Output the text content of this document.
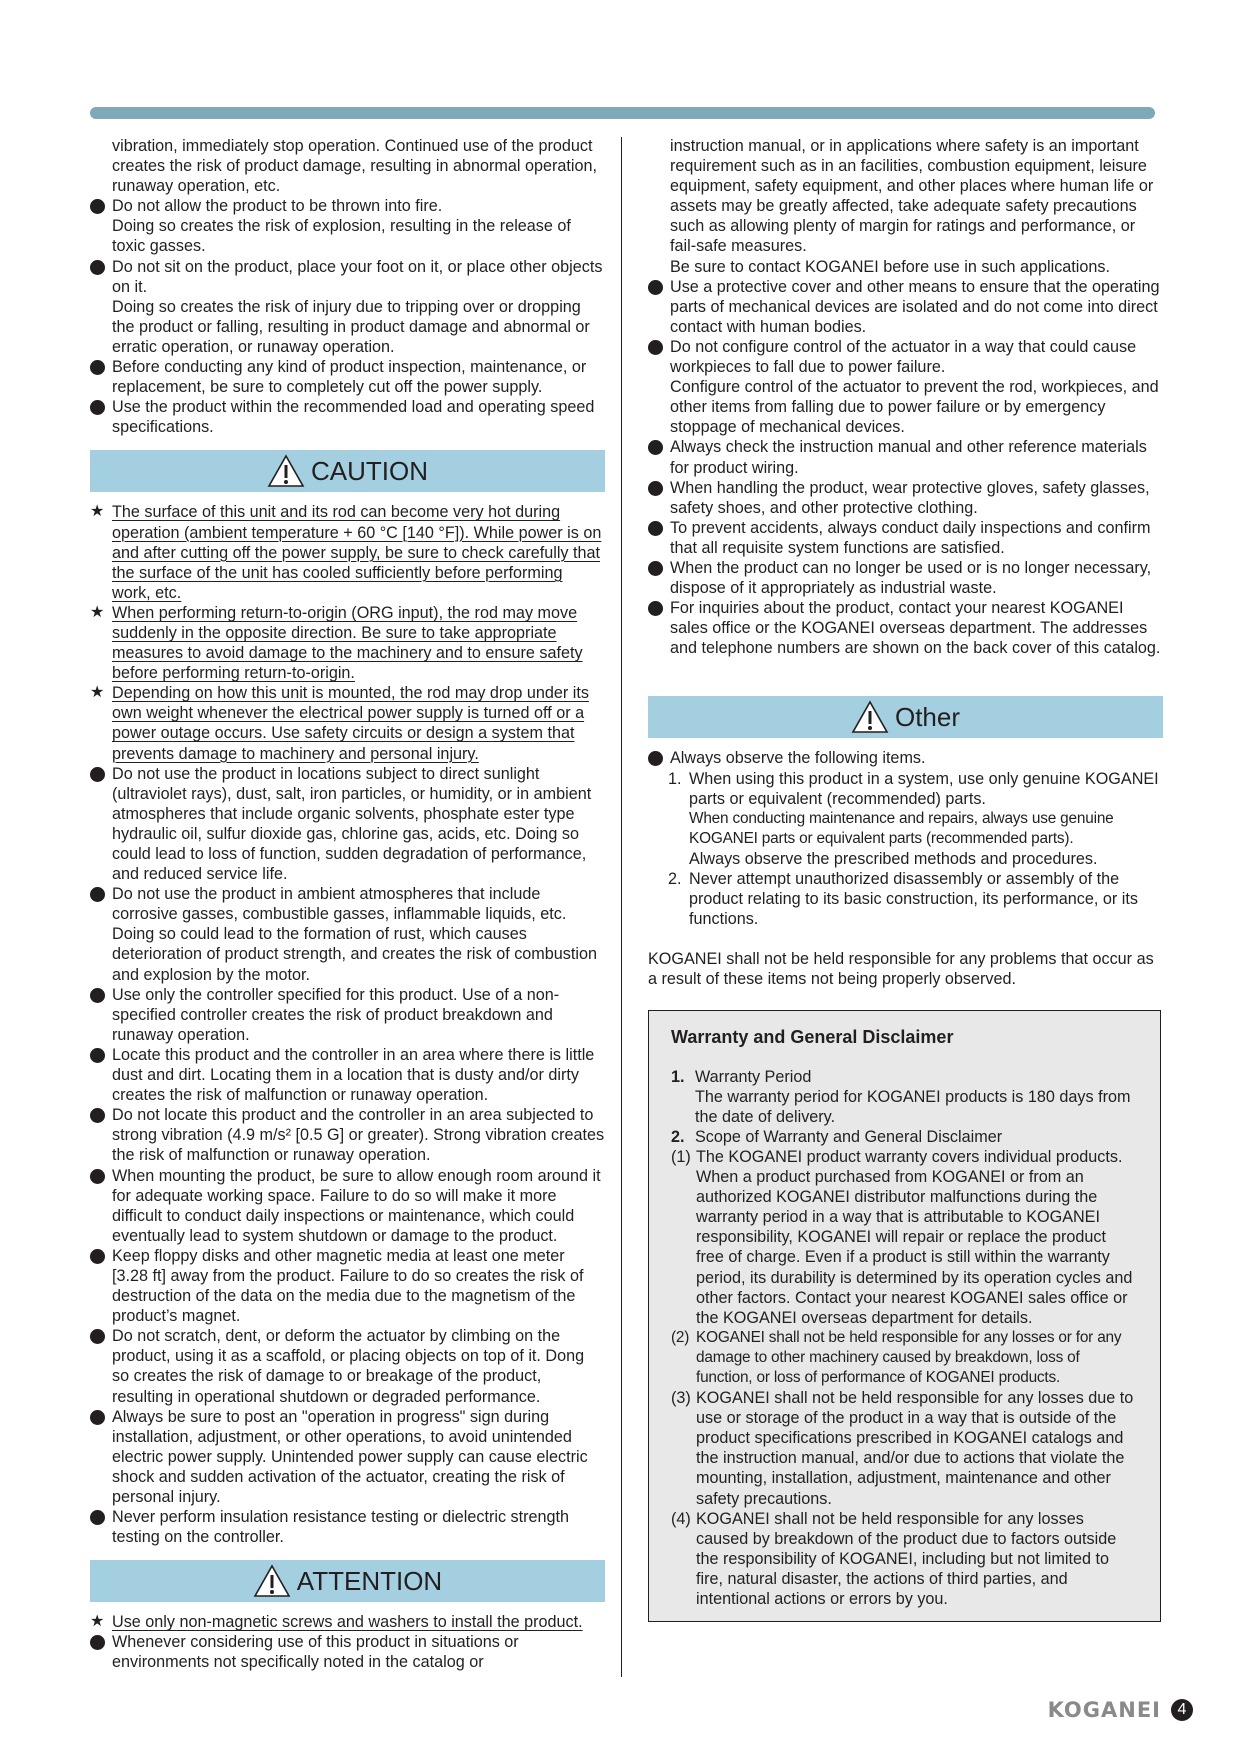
vibration, immediately stop operation. Continued use of the product creates the risk of product damage, resulting in abnormal operation, runaway operation, etc.
Do not allow the product to be thrown into fire.
Doing so creates the risk of explosion, resulting in the release of toxic gasses.
Do not sit on the product, place your foot on it, or place other objects on it.
Doing so creates the risk of injury due to tripping over or dropping the product or falling, resulting in product damage and abnormal or erratic operation, or runaway operation.
Before conducting any kind of product inspection, maintenance, or replacement, be sure to completely cut off the power supply.
Use the product within the recommended load and operating speed specifications.
CAUTION
★ The surface of this unit and its rod can become very hot during operation (ambient temperature + 60 °C [140 °F]). While power is on and after cutting off the power supply, be sure to check carefully that the surface of the unit has cooled sufficiently before performing work, etc.
★ When performing return-to-origin (ORG input), the rod may move suddenly in the opposite direction. Be sure to take appropriate measures to avoid damage to the machinery and to ensure safety before performing return-to-origin.
★ Depending on how this unit is mounted, the rod may drop under its own weight whenever the electrical power supply is turned off or a power outage occurs. Use safety circuits or design a system that prevents damage to machinery and personal injury.
Do not use the product in locations subject to direct sunlight (ultraviolet rays), dust, salt, iron particles, or humidity, or in ambient atmospheres that include organic solvents, phosphate ester type hydraulic oil, sulfur dioxide gas, chlorine gas, acids, etc. Doing so could lead to loss of function, sudden degradation of performance, and reduced service life.
Do not use the product in ambient atmospheres that include corrosive gasses, combustible gasses, inflammable liquids, etc. Doing so could lead to the formation of rust, which causes deterioration of product strength, and creates the risk of combustion and explosion by the motor.
Use only the controller specified for this product. Use of a non-specified controller creates the risk of product breakdown and runaway operation.
Locate this product and the controller in an area where there is little dust and dirt. Locating them in a location that is dusty and/or dirty creates the risk of malfunction or runaway operation.
Do not locate this product and the controller in an area subjected to strong vibration (4.9 m/s² [0.5 G] or greater). Strong vibration creates the risk of malfunction or runaway operation.
When mounting the product, be sure to allow enough room around it for adequate working space. Failure to do so will make it more difficult to conduct daily inspections or maintenance, which could eventually lead to system shutdown or damage to the product.
Keep floppy disks and other magnetic media at least one meter [3.28 ft] away from the product. Failure to do so creates the risk of destruction of the data on the media due to the magnetism of the product’s magnet.
Do not scratch, dent, or deform the actuator by climbing on the product, using it as a scaffold, or placing objects on top of it. Dong so creates the risk of damage to or breakage of the product, resulting in operational shutdown or degraded performance.
Always be sure to post an "operation in progress" sign during installation, adjustment, or other operations, to avoid unintended electric power supply. Unintended power supply can cause electric shock and sudden activation of the actuator, creating the risk of personal injury.
Never perform insulation resistance testing or dielectric strength testing on the controller.
ATTENTION
★ Use only non-magnetic screws and washers to install the product.
Whenever considering use of this product in situations or environments not specifically noted in the catalog or
instruction manual, or in applications where safety is an important requirement such as in an facilities, combustion equipment, leisure equipment, safety equipment, and other places where human life or assets may be greatly affected, take adequate safety precautions such as allowing plenty of margin for ratings and performance, or fail-safe measures.
Be sure to contact KOGANEI before use in such applications.
Use a protective cover and other means to ensure that the operating parts of mechanical devices are isolated and do not come into direct contact with human bodies.
Do not configure control of the actuator in a way that could cause workpieces to fall due to power failure.
Configure control of the actuator to prevent the rod, workpieces, and other items from falling due to power failure or by emergency stoppage of mechanical devices.
Always check the instruction manual and other reference materials for product wiring.
When handling the product, wear protective gloves, safety glasses, safety shoes, and other protective clothing.
To prevent accidents, always conduct daily inspections and confirm that all requisite system functions are satisfied.
When the product can no longer be used or is no longer necessary, dispose of it appropriately as industrial waste.
For inquiries about the product, contact your nearest KOGANEI sales office or the KOGANEI overseas department. The addresses and telephone numbers are shown on the back cover of this catalog.
Other
Always observe the following items.
1. When using this product in a system, use only genuine KOGANEI parts or equivalent (recommended) parts.
When conducting maintenance and repairs, always use genuine KOGANEI parts or equivalent parts (recommended parts).
Always observe the prescribed methods and procedures.
2. Never attempt unauthorized disassembly or assembly of the product relating to its basic construction, its performance, or its functions.
KOGANEI shall not be held responsible for any problems that occur as a result of these items not being properly observed.
Warranty and General Disclaimer
1. Warranty Period
The warranty period for KOGANEI products is 180 days from the date of delivery.
2. Scope of Warranty and General Disclaimer
(1) The KOGANEI product warranty covers individual products. When a product purchased from KOGANEI or from an authorized KOGANEI distributor malfunctions during the warranty period in a way that is attributable to KOGANEI responsibility, KOGANEI will repair or replace the product free of charge. Even if a product is still within the warranty period, its durability is determined by its operation cycles and other factors. Contact your nearest KOGANEI sales office or the KOGANEI overseas department for details.
(2) KOGANEI shall not be held responsible for any losses or for any damage to other machinery caused by breakdown, loss of function, or loss of performance of KOGANEI products.
(3) KOGANEI shall not be held responsible for any losses due to use or storage of the product in a way that is outside of the product specifications prescribed in KOGANEI catalogs and the instruction manual, and/or due to actions that violate the mounting, installation, adjustment, maintenance and other safety precautions.
(4) KOGANEI shall not be held responsible for any losses caused by breakdown of the product due to factors outside the responsibility of KOGANEI, including but not limited to fire, natural disaster, the actions of third parties, and intentional actions or errors by you.
KOGANEI	4
